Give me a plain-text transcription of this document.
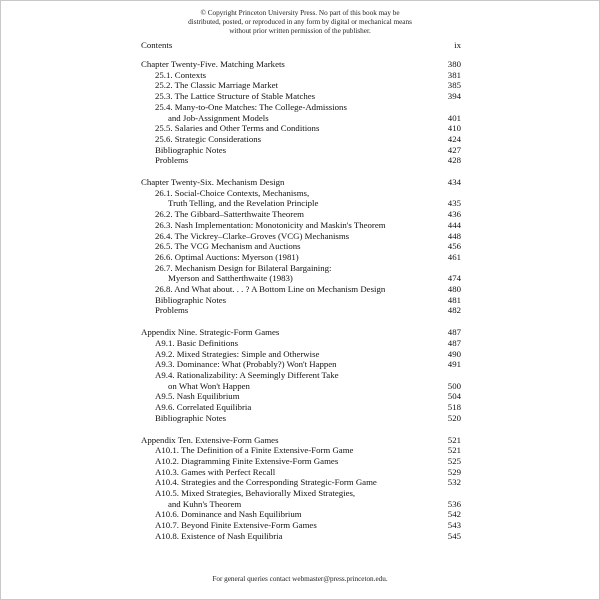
© Copyright Princeton University Press. No part of this book may be distributed, posted, or reproduced in any form by digital or mechanical means without prior written permission of the publisher.
Contents	ix
Chapter Twenty-Five. Matching Markets	380
25.1. Contexts	381
25.2. The Classic Marriage Market	385
25.3. The Lattice Structure of Stable Matches	394
25.4. Many-to-One Matches: The College-Admissions
and Job-Assignment Models	401
25.5. Salaries and Other Terms and Conditions	410
25.6. Strategic Considerations	424
Bibliographic Notes	427
Problems	428
Chapter Twenty-Six. Mechanism Design	434
26.1. Social-Choice Contexts, Mechanisms,
Truth Telling, and the Revelation Principle	435
26.2. The Gibbard–Satterthwaite Theorem	436
26.3. Nash Implementation: Monotonicity and Maskin's Theorem	444
26.4. The Vickrey–Clarke–Groves (VCG) Mechanisms	448
26.5. The VCG Mechanism and Auctions	456
26.6. Optimal Auctions: Myerson (1981)	461
26.7. Mechanism Design for Bilateral Bargaining:
Myerson and Sattherthwaite (1983)	474
26.8. And What about. . . ? A Bottom Line on Mechanism Design	480
Bibliographic Notes	481
Problems	482
Appendix Nine. Strategic-Form Games	487
A9.1. Basic Definitions	487
A9.2. Mixed Strategies: Simple and Otherwise	490
A9.3. Dominance: What (Probably?) Won't Happen	491
A9.4. Rationalizability: A Seemingly Different Take
on What Won't Happen	500
A9.5. Nash Equilibrium	504
A9.6. Correlated Equilibria	518
Bibliographic Notes	520
Appendix Ten. Extensive-Form Games	521
A10.1. The Definition of a Finite Extensive-Form Game	521
A10.2. Diagramming Finite Extensive-Form Games	525
A10.3. Games with Perfect Recall	529
A10.4. Strategies and the Corresponding Strategic-Form Game	532
A10.5. Mixed Strategies, Behaviorally Mixed Strategies,
and Kuhn's Theorem	536
A10.6. Dominance and Nash Equilibrium	542
A10.7. Beyond Finite Extensive-Form Games	543
A10.8. Existence of Nash Equilibria	545
For general queries contact webmaster@press.princeton.edu.
